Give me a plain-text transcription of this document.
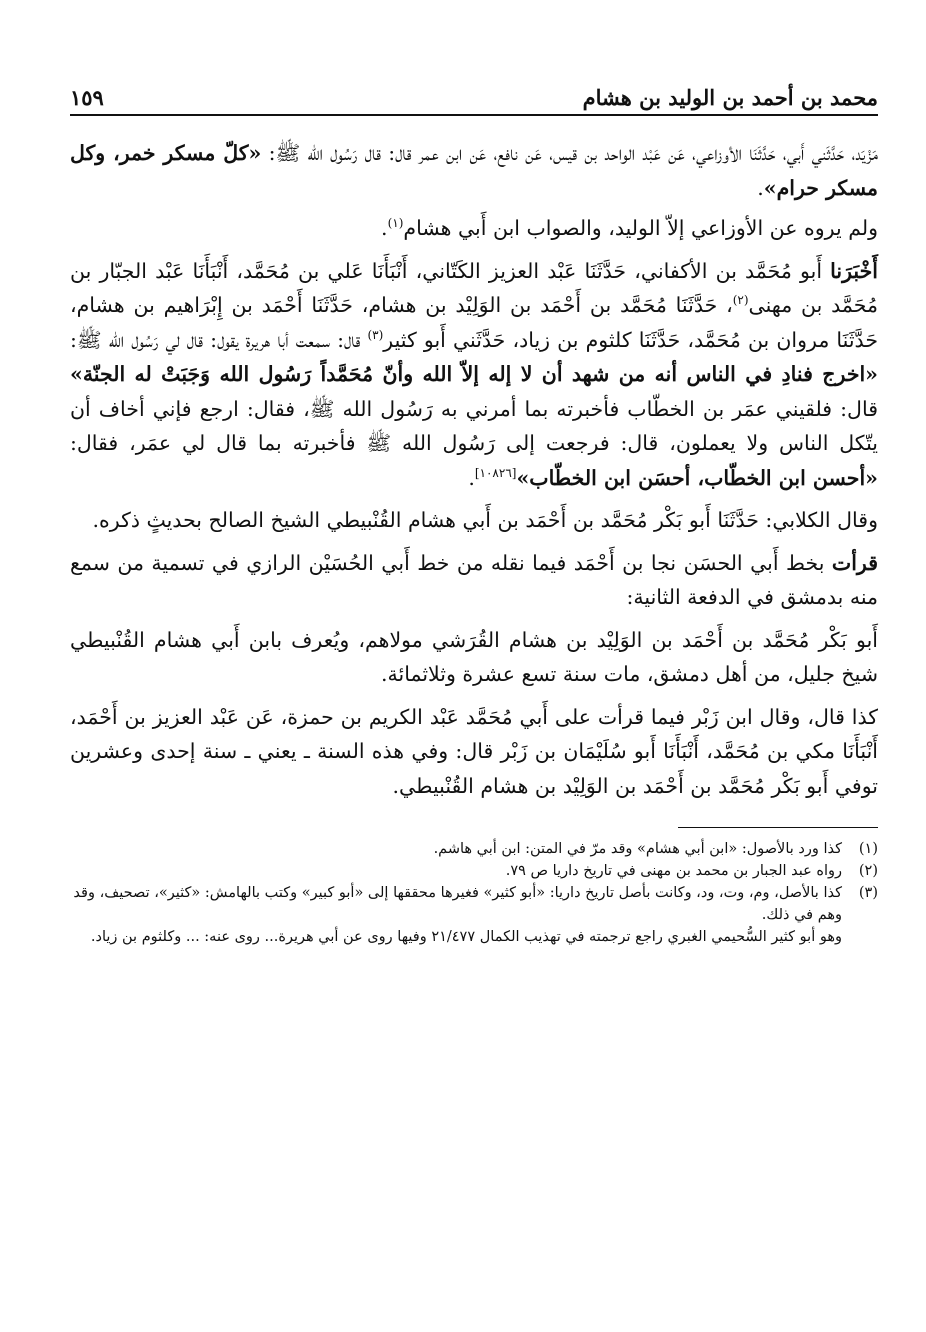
محمد بن أحمد بن الوليد بن هشام
١٥٩

مَزْيَد، حَدَّثَني أَبي، حَدَّثَنَا الأوزاعي، عَن عَبْد الواحد بن قيس، عَن نافع، عَن ابن عمر قال: قال رَسُول الله ﷺ: «كلّ مسكر خمر، وكل مسكر حرام».

ولم يروه عن الأوزاعي إلاّ الوليد، والصواب ابن أَبي هشام$^{(١)}$.

أَخْبَرَنا أَبو مُحَمَّد بن الأكفاني، حَدَّثَنَا عَبْد العزيز الكَتّاني، أَنْبَأَنَا عَلي بن مُحَمَّد، أَنْبَأَنَا عَبْد الجبّار بن مُحَمَّد بن مهنى$^{(٢)}$، حَدَّثَنَا مُحَمَّد بن أَحْمَد بن الوَلِيْد بن هشام، حَدَّثَنَا أَحْمَد بن إِبْرَاهيم بن هشام، حَدَّثَنَا مروان بن مُحَمَّد، حَدَّثَنَا كلثوم بن زياد، حَدَّثَني أَبو كثير$^{(٣)}$ قال: سمعت أبا هريرة يقول: قال لي رَسُول الله ﷺ: «اخرج فنادِ في الناس أنه من شهد أن لا إله إلاّ الله وأنّ مُحَمَّداً رَسُول الله وَجَبَتْ له الجنّة» قال: فلقيني عمَر بن الخطّاب فأخبرته بما أمرني به رَسُول الله ﷺ، فقال: ارجع فإني أخاف أن يتّكل الناس ولا يعملون، قال: فرجعت إلى رَسُول الله ﷺ فأخبرته بما قال لي عمَر، فقال: «أحسن ابن الخطّاب، أحسَن ابن الخطّاب»[١٠٨٢٦].

وقال الكلابي: حَدَّثَنَا أَبو بَكْر مُحَمَّد بن أَحْمَد بن أَبي هشام القُنْبيطي الشيخ الصالح بحديثٍ ذكره.

قرأت بخط أَبي الحسَن نجا بن أَحْمَد فيما نقله من خط أَبي الحُسَيْن الرازي في تسمية من سمع منه بدمشق في الدفعة الثانية:

أَبو بَكْر مُحَمَّد بن أَحْمَد بن الوَلِيْد بن هشام القُرَشي مولاهم، ويُعرف بابن أَبي هشام القُنْبيطي شيخ جليل، من أهل دمشق، مات سنة تسع عشرة وثلاثمائة.

كذا قال، وقال ابن زَبْر فيما قرأت على أَبي مُحَمَّد عَبْد الكريم بن حمزة، عَن عَبْد العزيز بن أَحْمَد، أَنْبَأَنَا مكي بن مُحَمَّد، أَنْبَأَنَا أَبو سُلَيْمَان بن زَبْر قال: وفي هذه السنة ـ يعني ـ سنة إحدى وعشرين توفي أَبو بَكْر مُحَمَّد بن أَحْمَد بن الوَلِيْد بن هشام القُنْبيطي.

(١)
كذا ورد بالأصول: «ابن أبي هشام» وقد مرّ في المتن: ابن أبي هاشم.
(٢)
رواه عبد الجبار بن محمد بن مهنى في تاريخ داريا ص ٧٩.
(٣)
كذا بالأصل، وم، وت، ود، وكانت بأصل تاريخ داريا: «أبو كثير» فغيرها محققها إلى «أبو كبير» وكتب بالهامش: «كثير»، تصحيف، وقد وهم في ذلك.
وهو أبو كثير السُّحيمي الغبري راجع ترجمته في تهذيب الكمال ٢١/٤٧٧ وفيها روى عن أبي هريرة... روى عنه: ... وكلثوم بن زياد.
